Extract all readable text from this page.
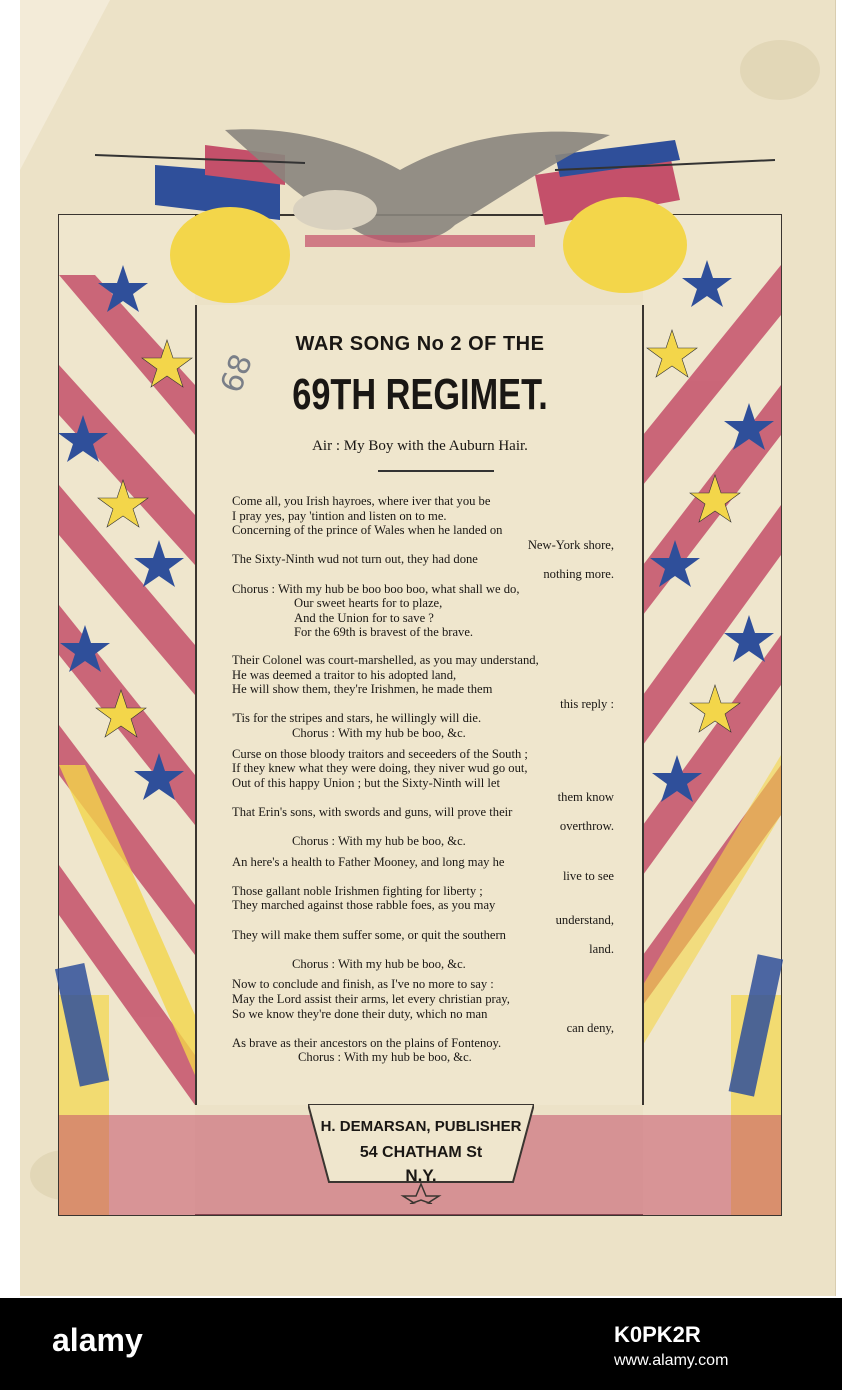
WAR SONG No 2 OF THE
69TH REGIMET.
68
Air : My Boy with the Auburn Hair.
Come all, you Irish hayroes, where iver that you be
I pray yes, pay 'tintion and listen on to me.
Concerning of the prince of Wales when he landed on
New-York shore,
The Sixty-Ninth wud not turn out, they had done
nothing more.
Chorus : With my hub be boo boo boo, what shall we do,
Our sweet hearts for to plaze,
And the Union for to save ?
For the 69th is bravest of the brave.
Their Colonel was court-marshelled, as you may understand,
He was deemed a traitor to his adopted land,
He will show them, they're Irishmen, he made them
this reply :
'Tis for the stripes and stars, he willingly will die.
Chorus : With my hub be boo, &c.
Curse on those bloody traitors and seceeders of the South ;
If they knew what they were doing, they niver wud go out,
Out of this happy Union ; but the Sixty-Ninth will let
them know
That Erin's sons, with swords and guns, will prove their
overthrow.
Chorus : With my hub be boo, &c.
An here's a health to Father Mooney, and long may he
live to see
Those gallant noble Irishmen fighting for liberty ;
They marched against those rabble foes, as you may
understand,
They will make them suffer some, or quit the southern
land.
Chorus : With my hub be boo, &c.
Now to conclude and finish, as I've no more to say :
May the Lord assist their arms, let every christian pray,
So we know they're done their duty, which no man
can deny,
As brave as their ancestors on the plains of Fontenoy.
Chorus : With my hub be boo, &c.
H. DEMARSAN, PUBLISHER
54 CHATHAM St
N.Y.
alamy	K0PK2R
www.alamy.com
